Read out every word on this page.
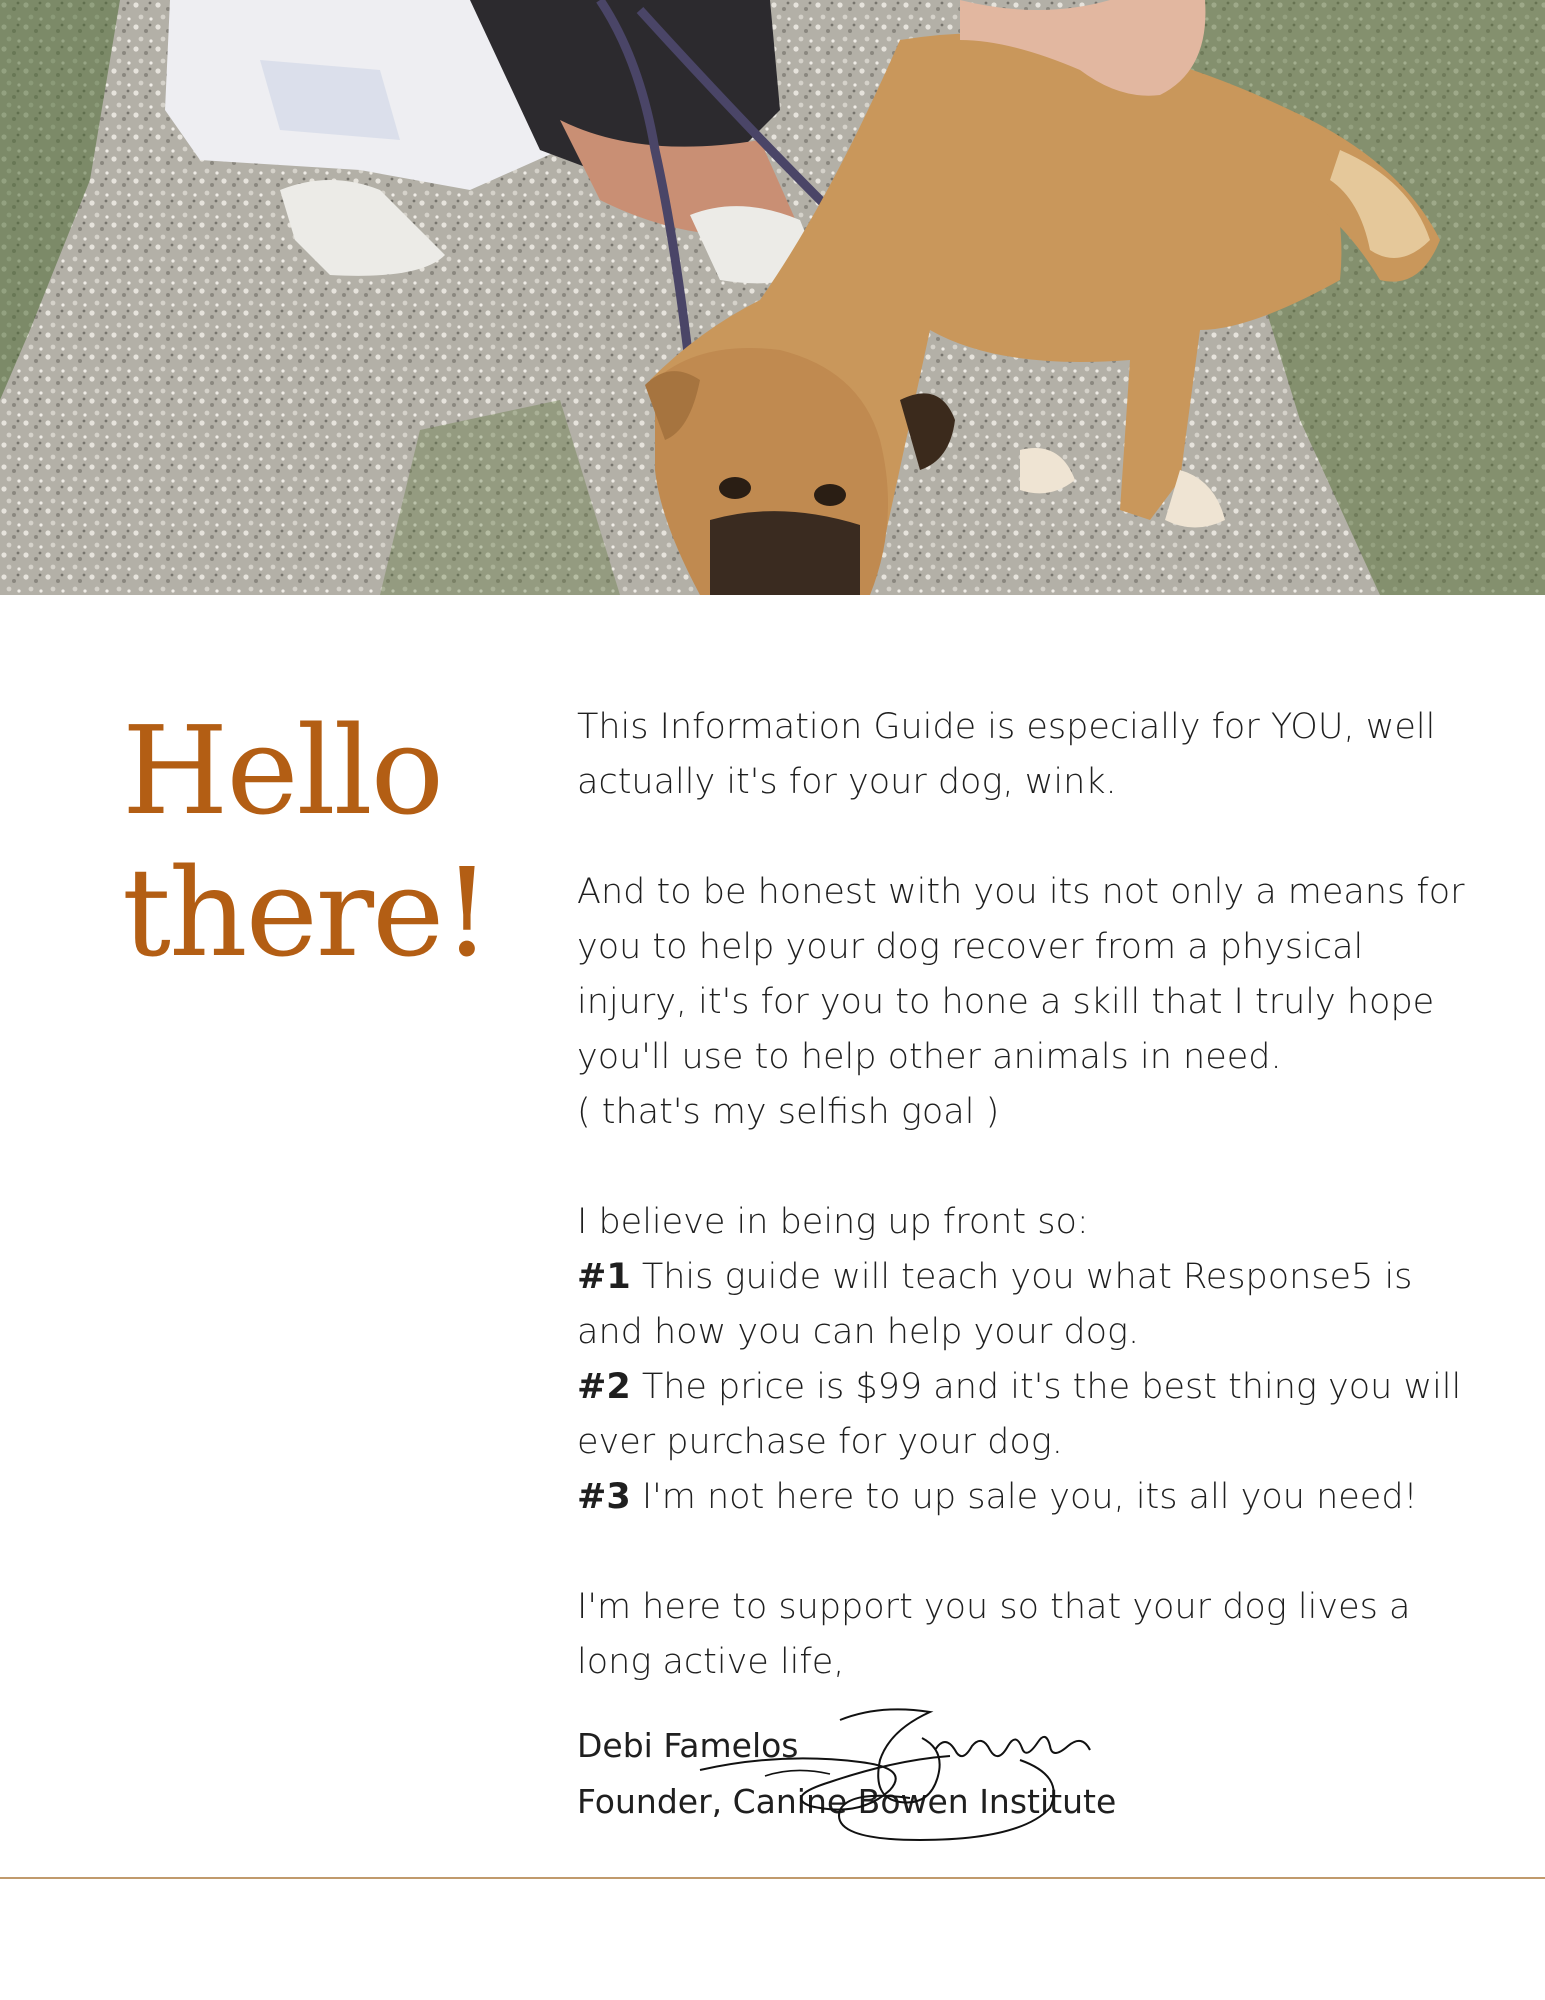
Hello
there!

This Information Guide is especially for YOU, well actually it's for your dog, wink.

And to be honest with you its not only a means for you to help your dog recover from a physical injury, it's for you to hone a skill that I truly hope you'll use to help other animals in need.

( that's my selfish goal )

I believe in being up front so:

#1 This guide will teach you what Response5 is and how you can help your dog.

#2 The price is $99 and it's the best thing you will ever purchase for your dog.

#3 I'm not here to up sale you, its all you need!

I'm here to support you so that your dog lives a long active life,

Debi Famelos
Founder, Canine Bowen Institute
